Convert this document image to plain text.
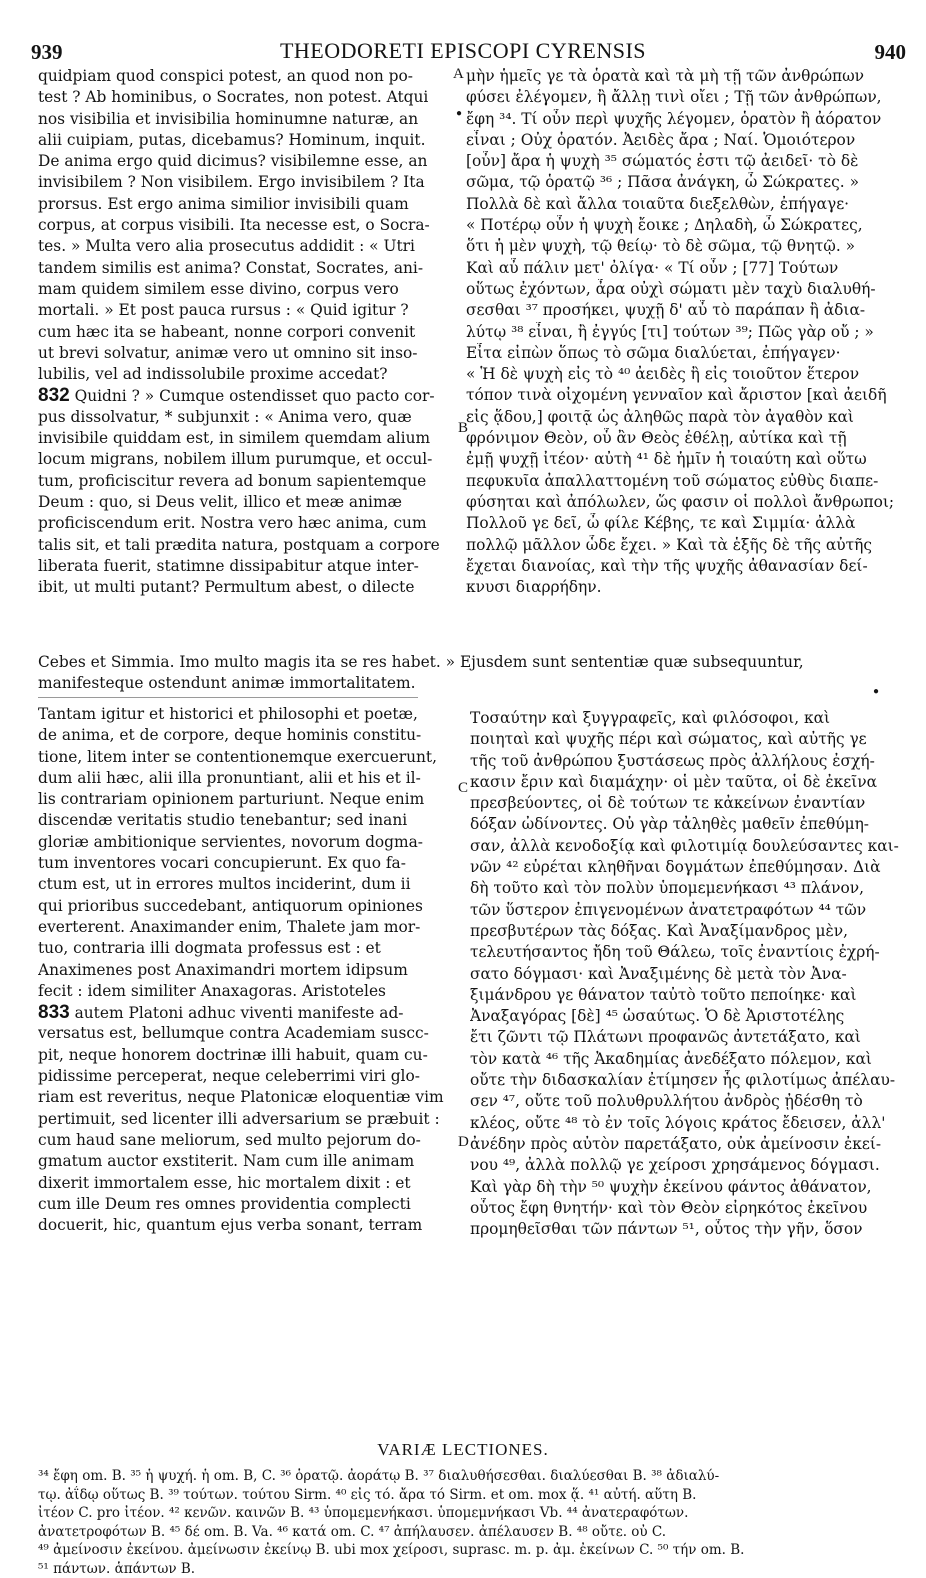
939	THEODORETI EPISCOPI CYRENSIS	940
A
B
C
D
●
●
quidpiam quod conspici potest, an quod non po-
test ? Ab hominibus, o Socrates, non potest. Atqui
nos visibilia et invisibilia hominumne naturæ, an
alii cuipiam, putas, dicebamus? Hominum, inquit.
De anima ergo quid dicimus? visibilemne esse, an
invisibilem ? Non visibilem. Ergo invisibilem ? Ita
prorsus. Est ergo anima similior invisibili quam
corpus, at corpus visibili. Ita necesse est, o Socra-
tes. » Multa vero alia prosecutus addidit : « Utri
tandem similis est anima? Constat, Socrates, ani-
mam quidem similem esse divino, corpus vero
mortali. » Et post pauca rursus : « Quid igitur ?
cum hæc ita se habeant, nonne corpori convenit
ut brevi solvatur, animæ vero ut omnino sit inso-
lubilis, vel ad indissolubile proxime accedat?
832 Quidni ? » Cumque ostendisset quo pacto cor-
pus dissolvatur, * subjunxit : « Anima vero, quæ
invisibile quiddam est, in similem quemdam alium
locum migrans, nobilem illum purumque, et occul-
tum, proficiscitur revera ad bonum sapientemque
Deum : quo, si Deus velit, illico et meæ animæ
proficiscendum erit. Nostra vero hæc anima, cum
talis sit, et tali prædita natura, postquam a corpore
liberata fuerit, statimne dissipabitur atque inter-
ibit, ut multi putant? Permultum abest, o dilecte
μὴν ἡμεῖς γε τὰ ὁρατὰ καὶ τὰ μὴ τῇ τῶν ἀνθρώπων
φύσει ἐλέγομεν, ἢ ἄλλῃ τινὶ οἴει ; Τῇ τῶν ἀνθρώπων,
ἔφη ³⁴. Τί οὖν περὶ ψυχῆς λέγομεν, ὁρατὸν ἢ ἀόρατον
εἶναι ; Οὐχ ὁρατόν. Ἀειδὲς ἄρα ; Ναί. Ὁμοιότερον
[οὖν] ἄρα ἡ ψυχὴ ³⁵ σώματός ἐστι τῷ ἀειδεῖ· τὸ δὲ
σῶμα, τῷ ὁρατῷ ³⁶ ; Πᾶσα ἀνάγκη, ὦ Σώκρατες. »
Πολλὰ δὲ καὶ ἄλλα τοιαῦτα διεξελθὼν, ἐπήγαγε·
« Ποτέρῳ οὖν ἡ ψυχὴ ἔοικε ; Δηλαδὴ, ὦ Σώκρατες,
ὅτι ἡ μὲν ψυχὴ, τῷ θείῳ· τὸ δὲ σῶμα, τῷ θνητῷ. »
Καὶ αὖ πάλιν μετ' ὀλίγα· « Τί οὖν ; [77] Τούτων
οὕτως ἐχόντων, ἆρα οὐχὶ σώματι μὲν ταχὺ διαλυθή-
σεσθαι ³⁷ προσήκει, ψυχῇ δ' αὖ τὸ παράπαν ἢ ἀδια-
λύτῳ ³⁸ εἶναι, ἢ ἐγγύς [τι] τούτων ³⁹; Πῶς γὰρ οὔ ; »
Εἶτα εἰπὼν ὅπως τὸ σῶμα διαλύεται, ἐπήγαγεν·
« Ἡ δὲ ψυχὴ εἰς τὸ ⁴⁰ ἀειδὲς ἢ εἰς τοιοῦτον ἕτερον
τόπον τινὰ οἰχομένη γενναῖον καὶ ἄριστον [καὶ ἀειδῆ
εἰς ᾅδου,] φοιτᾷ ὡς ἀληθῶς παρὰ τὸν ἀγαθὸν καὶ
φρόνιμον Θεὸν, οὗ ἂν Θεὸς ἐθέλῃ, αὐτίκα καὶ τῇ
ἐμῇ ψυχῇ ἰτέον· αὐτὴ ⁴¹ δὲ ἡμῖν ἡ τοιαύτη καὶ οὕτω
πεφυκυῖα ἀπαλλαττομένη τοῦ σώματος εὐθὺς διαπε-
φύσηται καὶ ἀπόλωλεν, ὥς φασιν οἱ πολλοὶ ἄνθρωποι;
Πολλοῦ γε δεῖ, ὦ φίλε Κέβης, τε καὶ Σιμμία· ἀλλὰ
πολλῷ μᾶλλον ὧδε ἔχει. » Καὶ τὰ ἑξῆς δὲ τῆς αὐτῆς
ἔχεται διανοίας, καὶ τὴν τῆς ψυχῆς ἀθανασίαν δεί-
κνυσι διαρρήδην.
Cebes et Simmia. Imo multo magis ita se res habet. » Ejusdem sunt sententiæ quæ subsequuntur,
manifesteque ostendunt animæ immortalitatem.
Tantam igitur et historici et philosophi et poetæ,
de anima, et de corpore, deque hominis constitu-
tione, litem inter se contentionemque exercuerunt,
dum alii hæc, alii illa pronuntiant, alii et his et il-
lis contrariam opinionem parturiunt. Neque enim
discendæ veritatis studio tenebantur; sed inani
gloriæ ambitionique servientes, novorum dogma-
tum inventores vocari concupierunt. Ex quo fa-
ctum est, ut in errores multos inciderint, dum ii
qui prioribus succedebant, antiquorum opiniones
everterent. Anaximander enim, Thalete jam mor-
tuo, contraria illi dogmata professus est : et
Anaximenes post Anaximandri mortem idipsum
fecit : idem similiter Anaxagoras. Aristoteles
833 autem Platoni adhuc viventi manifeste ad-
versatus est, bellumque contra Academiam suscc-
pit, neque honorem doctrinæ illi habuit, quam cu-
pidissime perceperat, neque celeberrimi viri glo-
riam est reveritus, neque Platonicæ eloquentiæ vim
pertimuit, sed licenter illi adversarium se præbuit :
cum haud sane meliorum, sed multo pejorum do-
gmatum auctor exstiterit. Nam cum ille animam
dixerit immortalem esse, hic mortalem dixit : et
cum ille Deum res omnes providentia complecti
docuerit, hic, quantum ejus verba sonant, terram
Τοσαύτην καὶ ξυγγραφεῖς, καὶ φιλόσοφοι, καὶ
ποιηταὶ καὶ ψυχῆς πέρι καὶ σώματος, καὶ αὐτῆς γε
τῆς τοῦ ἀνθρώπου ξυστάσεως πρὸς ἀλλήλους ἐσχή-
κασιν ἔριν καὶ διαμάχην· οἱ μὲν ταῦτα, οἱ δὲ ἐκεῖνα
πρεσβεύοντες, οἱ δὲ τούτων τε κἀκείνων ἐναντίαν
δόξαν ὠδίνοντες. Οὐ γὰρ τἀληθὲς μαθεῖν ἐπεθύμη-
σαν, ἀλλὰ κενοδοξίᾳ καὶ φιλοτιμίᾳ δουλεύσαντες και-
νῶν ⁴² εὑρέται κληθῆναι δογμάτων ἐπεθύμησαν. Διὰ
δὴ τοῦτο καὶ τὸν πολὺν ὑπομεμενήκασι ⁴³ πλάνον,
τῶν ὕστερον ἐπιγενομένων ἀνατετραφότων ⁴⁴ τῶν
πρεσβυτέρων τὰς δόξας. Καὶ Ἀναξίμανδρος μὲν,
τελευτήσαντος ἤδη τοῦ Θάλεω, τοῖς ἐναντίοις ἐχρή-
σατο δόγμασι· καὶ Ἀναξιμένης δὲ μετὰ τὸν Ἀνα-
ξιμάνδρου γε θάνατον ταὐτὸ τοῦτο πεποίηκε· καὶ
Ἀναξαγόρας [δὲ] ⁴⁵ ὡσαύτως. Ὁ δὲ Ἀριστοτέλης
ἔτι ζῶντι τῷ Πλάτωνι προφανῶς ἀντετάξατο, καὶ
τὸν κατὰ ⁴⁶ τῆς Ἀκαδημίας ἀνεδέξατο πόλεμον, καὶ
οὔτε τὴν διδασκαλίαν ἐτίμησεν ἧς φιλοτίμως ἀπέλαυ-
σεν ⁴⁷, οὔτε τοῦ πολυθρυλλήτου ἀνδρὸς ᾐδέσθη τὸ
κλέος, οὔτε ⁴⁸ τὸ ἐν τοῖς λόγοις κράτος ἔδεισεν, ἀλλ'
ἀνέδην πρὸς αὐτὸν παρετάξατο, οὐκ ἀμείνοσιν ἐκεί-
νου ⁴⁹, ἀλλὰ πολλῷ γε χείροσι χρησάμενος δόγμασι.
Καὶ γὰρ δὴ τὴν ⁵⁰ ψυχὴν ἐκείνου φάντος ἀθάνατον,
οὗτος ἔφη θνητήν· καὶ τὸν Θεὸν εἰρηκότος ἐκεῖνου
προμηθεῖσθαι τῶν πάντων ⁵¹, οὗτος τὴν γῆν, ὅσον
VARIÆ LECTIONES.
³⁴ ἔφη om. B. ³⁵ ἡ ψυχή. ἡ om. B, C. ³⁶ ὁρατῷ. ἀοράτῳ B. ³⁷ διαλυθήσεσθαι. διαλύεσθαι B. ³⁸ ἀδιαλύ-
τῳ. ἀΐδῳ οὕτως B. ³⁹ τούτων. τούτου Sirm. ⁴⁰ εἰς τό. ἄρα τό Sirm. et om. mox ᾅ. ⁴¹ αὐτή. αὕτη B.
ἰτέον C. pro ἰτέον. ⁴² κενῶν. καινῶν B. ⁴³ ὑπομεμενήκασι. ὑπομεμνήκασι Vb. ⁴⁴ ἀνατεραφότων.
ἀνατετροφότων B. ⁴⁵ δέ om. B. Va. ⁴⁶ κατά om. C. ⁴⁷ ἀπήλαυσεν. ἀπέλαυσεν B. ⁴⁸ οὔτε. οὐ C.
⁴⁹ ἀμείνοσιν ἐκείνου. ἀμείνωσιν ἐκείνῳ B. ubi mox χείροσι, suprasc. m. p. ἀμ. ἐκείνων C. ⁵⁰ τήν om. B.
⁵¹ πάντων. ἁπάντων B.
